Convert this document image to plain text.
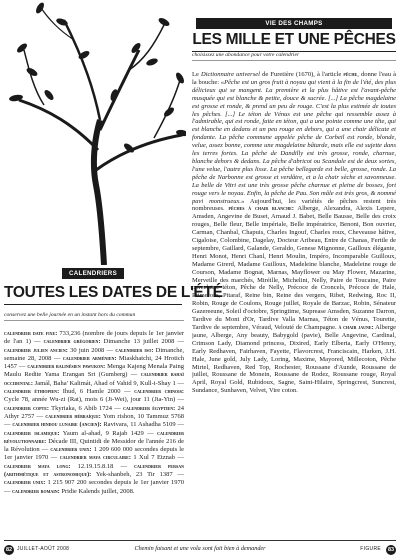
CALENDRIERS
TOUTES LES DATES DE L'ÉTÉ
conservez une belle journée en un instant hors du commun
calendrier date fixe: 733,236 (nombre de jours depuis le 1er janvier de l'an 1) — calendrier grégorien: Dimanche 13 juillet 2008 — calendrier julien ancien: 30 juin 2008 — calendrier iso: Dimanche, semaine 28, 2008 — calendrier arménien: Miaskhatchi, 24 Hrotich 1457 — calendrier balinésien pawukon: Menga Kajeng Menala Paing Maulu Redite Yama Erangan Sri (Gumberg) — calendrier bahaï occidental: Jamál, Baha' Kalimát, Ahad of Vahid 9, Kull-i-Shay 1 — calendrier éthiopien: Ihud, 6 Hamle 2000 — calendrier chinois: Cycle 78, année Wu-zi (Rat), mois 6 (Ji-Wei), jour 11 (Jia-Yin) — calendrier copte: Tkyriaka, 6 Abib 1724 — calendrier égyptien: 24 Athyr 2757 — calendrier hébraïque: Yom rishon, 10 Tammuz 5768 — calendrier hindou lunaire (ancien): Ravivara, 11 Ashadha 5109 — calendrier islamique: Yaum al-ahad, 9 Rajab 1429 — calendrier révolutionnaire: Décade III, Quintidi de Messidor de l'année 216 de la Révolution — calendrier unix: 1 209 600 000 secondes depuis le 1er janvier 1970 — calendrier maya circulaire: 1 Xul 7 Etznab — calendrier maya long: 12.19.15.8.18 — calendrier persan (arithmétique et astronomique): Yek-shanbeh, 23 Tir 1387 — calendrier unix: 1 215 907 200 secondes depuis le 1er janvier 1970 — calendrier romain: Pridie Kalends juillet, 2008.
VIE DES CHAMPS
LES MILLE ET UNE PÊCHES
choisissez une abondance pour votre calendrier
Le Dictionnaire universel de Furetière (1670), à l'article pêche, donne l'eau à la bouche: «Pêche est un gros fruit à noyau qui vient à la fin de l'été, des plus délicieux qui se mangent. La première et la plus hâtive est l'avant-pêche musquée qui est blanche & petite, douce & sucrée. [...] La pêche magdelaine est grosse et ronde, & prend un peu de rouge. C'est la plus estimée de toutes les pêches. [...] Le téton de Vénus est une pêche qui ressemble assez à l'admirable, qui est ronde, faite en téton, qui a une pointe comme une tête, qui est blanche en dedans et un peu rouge en dehors, qui a une chair délicate et fondante. La pêche commune appelée pêche de Corbeil est ronde, blonde, velue, assez bonne, comme une magdelaine bâtarde, mais elle est sujette dans les terres fortes. La pêche de Dandilly est très grosse, ronde, charnue, blanche dehors & dedans. La pêche d'abricot ou Scandale est de deux sortes, l'une velue, l'autre plus lisse. La pêche bellegarde est belle, grosse, ronde. La pêche de Narbonne est grosse et verdâtre, et a la chair sèche et savonneuse. La belle de Vitri est une très grosse pêche charnue et pleine de bosses, fort rouge vers le noyau. Enfin, la pêche de Pau. Son mâle est très gros, & nommé pavi monstrueux.» Aujourd'hui, les variétés de pêches restent très nombreuses. pêches à chair blanche: Alberge, Alexandra, Alexis Lepere, Amsden, Angevine de Buset, Arnaud J. Babet, Belle Bausse, Belle des croix rouges, Belle fleur, Belle impériale, Belle impératrice, Benoni, Bon ouvrier, Carman, Chanbal, Chapuis, Charles Ingouf, Charles roux, Cheveause hâtive, Cigaloise, Colombine, Dagelay, Docteur Aribeau, Entre de Chanas, Fertile de septembre, Gaillard, Galande, Geraldo, Genese Mignonne, Gailloux élégante, Henri Monot, Henri Chanl, Henri Moulin, Impéro, Incomparable Guilloux, Madame Girerd, Madame Guilloux, Madeleine blanche, Madeleine rouge de Courson, Madame Bognat, Marnas, Mayflower ou May Flower, Mazarine, Merveille des marchés, Miréille, Michelini, Nelly, Paire de Toucaine, Paire porcelaine téton, Pêche de Nelly, Précoce de Croncels, Précoce de Hale, Primerose, Pitaraf, Reine bin, Reine des vergers, Ribet, Redwing, Roc II, Robin, Rouge de Coulons, Rouge juillet, Royale de Barzac, Robin, Sénateur Gazereeune, Soleil d'octobre, Springtime, Suprease Amsden, Suzanne Darron, Tardive du Mont d'Or, Tardive Valla Marnas, Téton de Vénus, Tourette, Tardive de septembre, Véraud, Velouté de Champagne. à chair jaune: Alberge jaune, Alberge, Any beauty, Babygold (pavie), Belle Angevine, Cardinal, Crimson Lady, Diamond princess, Dixired, Early Elberta, Early O'Henry, Early Redhaven, Fairhaven, Fayette, Flavorcrest, Franciscain, Harken, J.H. Hale, June gold, July Lady, Loring, Maxime, Mayored, Millecoton, Pêche Mirtel, Redhaven, Red Top, Rochester, Roussane d'Aunde, Roussane de juillet, Roussane de Monein, Roussane de Rodez, Roussane rouge, Royal April, Royal Gold, Rubidoux, Sagne, Saint-Hilaire, Springcrest, Suncrest, Sundance, Sunhaven, Velvet, Vire coton.
82 JUILLET-AOÛT 2008	Chemin faisant et une vola sont fait bien à demander	FIGURE	83
